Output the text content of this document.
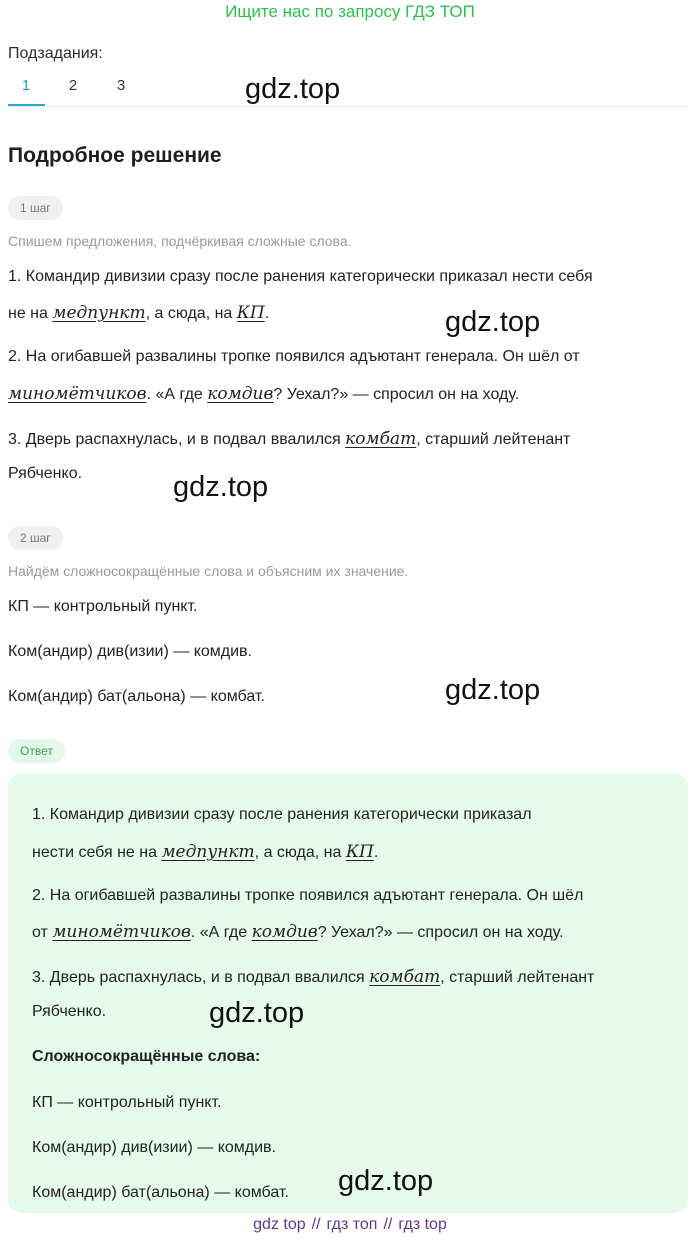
Ищите нас по запросу ГДЗ ТОП
Подзадания:
1	2	3	gdz.top
Подробное решение
1 шаг
Спишем предложения, подчёркивая сложные слова.
1. Командир дивизии сразу после ранения категорически приказал нести себя
не на медпункт, а сюда, на КП.	gdz.top
2. На огибавшей развалины тропке появился адъютант генерала. Он шёл от
миномётчиков. «А где комдив? Уехал?» — спросил он на ходу.
3. Дверь распахнулась, и в подвал ввалился комбат, старший лейтенант
Рябченко.	gdz.top
2 шаг
Найдём сложносокращённые слова и объясним их значение.
КП — контрольный пункт.
Ком(андир) див(изии) — комдив.
Ком(андир) бат(альона) — комбат.	gdz.top
Ответ
1. Командир дивизии сразу после ранения категорически приказал
нести себя не на медпункт, а сюда, на КП.
2. На огибавшей развалины тропке появился адъютант генерала. Он шёл
от миномётчиков. «А где комдив? Уехал?» — спросил он на ходу.
3. Дверь распахнулась, и в подвал ввалился комбат, старший лейтенант
Рябченко.	gdz.top
Сложносокращённые слова:
КП — контрольный пункт.
Ком(андир) див(изии) — комдив.
Ком(андир) бат(альона) — комбат. gdz.top
gdz top // гдз топ // гдз top
